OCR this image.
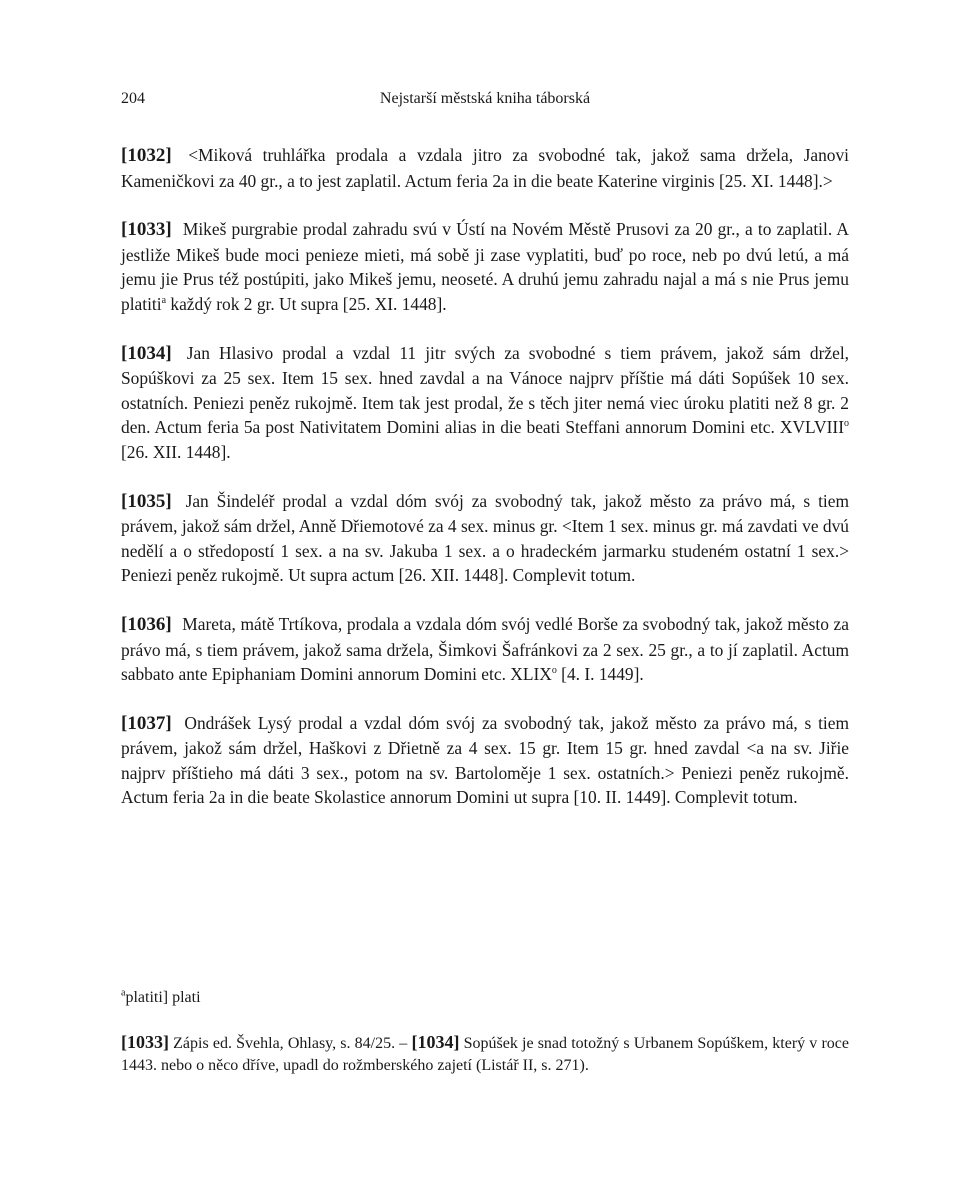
204	Nejstarší městská kniha táborská

[1032] <Miková truhlářka prodala a vzdala jitro za svobodné tak, jakož sama držela, Janovi Kameničkovi za 40 gr., a to jest zaplatil. Actum feria 2a in die beate Katerine virginis [25. XI. 1448].>

[1033] Mikeš purgrabie prodal zahradu svú v Ústí na Novém Městě Prusovi za 20 gr., a to zaplatil. A jestliže Mikeš bude moci penieze mieti, má sobě ji zase vyplatiti, buď po roce, neb po dvú letú, a má jemu jie Prus též postúpiti, jako Mikeš jemu, neoseté. A druhú jemu zahradu najal a má s nie Prus jemu platiti$^a$ každý rok 2 gr. Ut supra [25. XI. 1448].

[1034] Jan Hlasivo prodal a vzdal 11 jitr svých za svobodné s tiem právem, jakož sám držel, Sopúškovi za 25 sex. Item 15 sex. hned zavdal a na Vánoce najprv příštie má dáti Sopúšek 10 sex. ostatních. Peniezi peněz rukojmě. Item tak jest prodal, že s těch jiter nemá viec úroku platiti než 8 gr. 2 den. Actum feria 5a post Nativitatem Domini alias in die beati Steffani annorum Domini etc. XVLVIII$^o$ [26. XII. 1448].

[1035] Jan Šindeléř prodal a vzdal dóm svój za svobodný tak, jakož město za právo má, s tiem právem, jakož sám držel, Anně Dřiemotové za 4 sex. minus gr. <Item 1 sex. minus gr. má zavdati ve dvú nedělí a o středopostí 1 sex. a na sv. Jakuba 1 sex. a o hradeckém jarmarku studeném ostatní 1 sex.> Peniezi peněz rukojmě. Ut supra actum [26. XII. 1448]. Complevit totum.

[1036] Mareta, mátě Trtíkova, prodala a vzdala dóm svój vedlé Borše za svobodný tak, jakož město za právo má, s tiem právem, jakož sama držela, Šimkovi Šafránkovi za 2 sex. 25 gr., a to jí zaplatil. Actum sabbato ante Epiphaniam Domini annorum Domini etc. XLIX$^o$ [4. I. 1449].

[1037] Ondrášek Lysý prodal a vzdal dóm svój za svobodný tak, jakož město za právo má, s tiem právem, jakož sám držel, Haškovi z Dřietně za 4 sex. 15 gr. Item 15 gr. hned zavdal <a na sv. Jiřie najprv příštieho má dáti 3 sex., potom na sv. Bartoloměje 1 sex. ostatních.> Peniezi peněz rukojmě. Actum feria 2a in die beate Skolastice annorum Domini ut supra [10. II. 1449]. Complevit totum.

$^a$platiti] plati

[1033] Zápis ed. Švehla, Ohlasy, s. 84/25. – [1034] Sopúšek je snad totožný s Urbanem Sopúškem, který v roce 1443. nebo o něco dříve, upadl do rožmberského zajetí (Listář II, s. 271).
